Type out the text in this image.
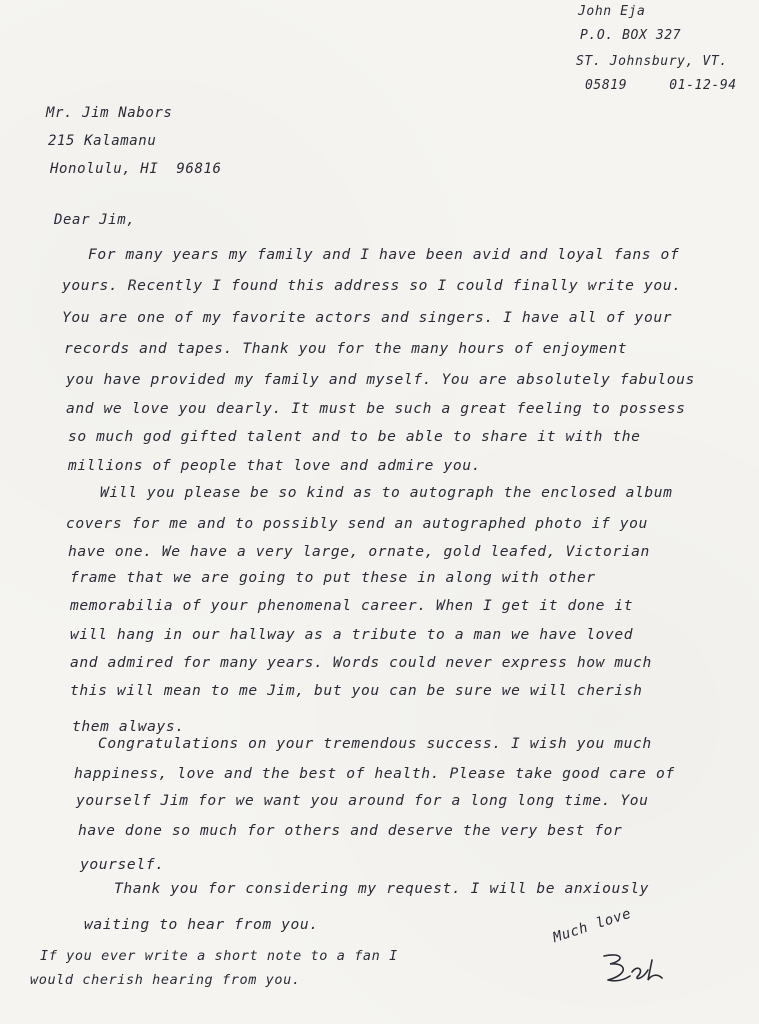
John Eja
P.O. BOX 327
ST. Johnsbury, VT.
05819     01-12-94
Mr. Jim Nabors
215 Kalamanu
Honolulu, HI  96816
Dear Jim,
For many years my family and I have been avid and loyal fans of
yours. Recently I found this address so I could finally write you.
You are one of my favorite actors and singers. I have all of your
records and tapes. Thank you for the many hours of enjoyment
you have provided my family and myself. You are absolutely fabulous
and we love you dearly. It must be such a great feeling to possess
so much god gifted talent and to be able to share it with the
millions of people that love and admire you.
Will you please be so kind as to autograph the enclosed album
covers for me and to possibly send an autographed photo if you
have one. We have a very large, ornate, gold leafed, Victorian
frame that we are going to put these in along with other
memorabilia of your phenomenal career. When I get it done it
will hang in our hallway as a tribute to a man we have loved
and admired for many years. Words could never express how much
this will mean to me Jim, but you can be sure we will cherish
them always.
Congratulations on your tremendous success. I wish you much
happiness, love and the best of health. Please take good care of
yourself Jim for we want you around for a long long time. You
have done so much for others and deserve the very best for
yourself.
Thank you for considering my request. I will be anxiously
waiting to hear from you.
If you ever write a short note to a fan I
would cherish hearing from you.
Much love
